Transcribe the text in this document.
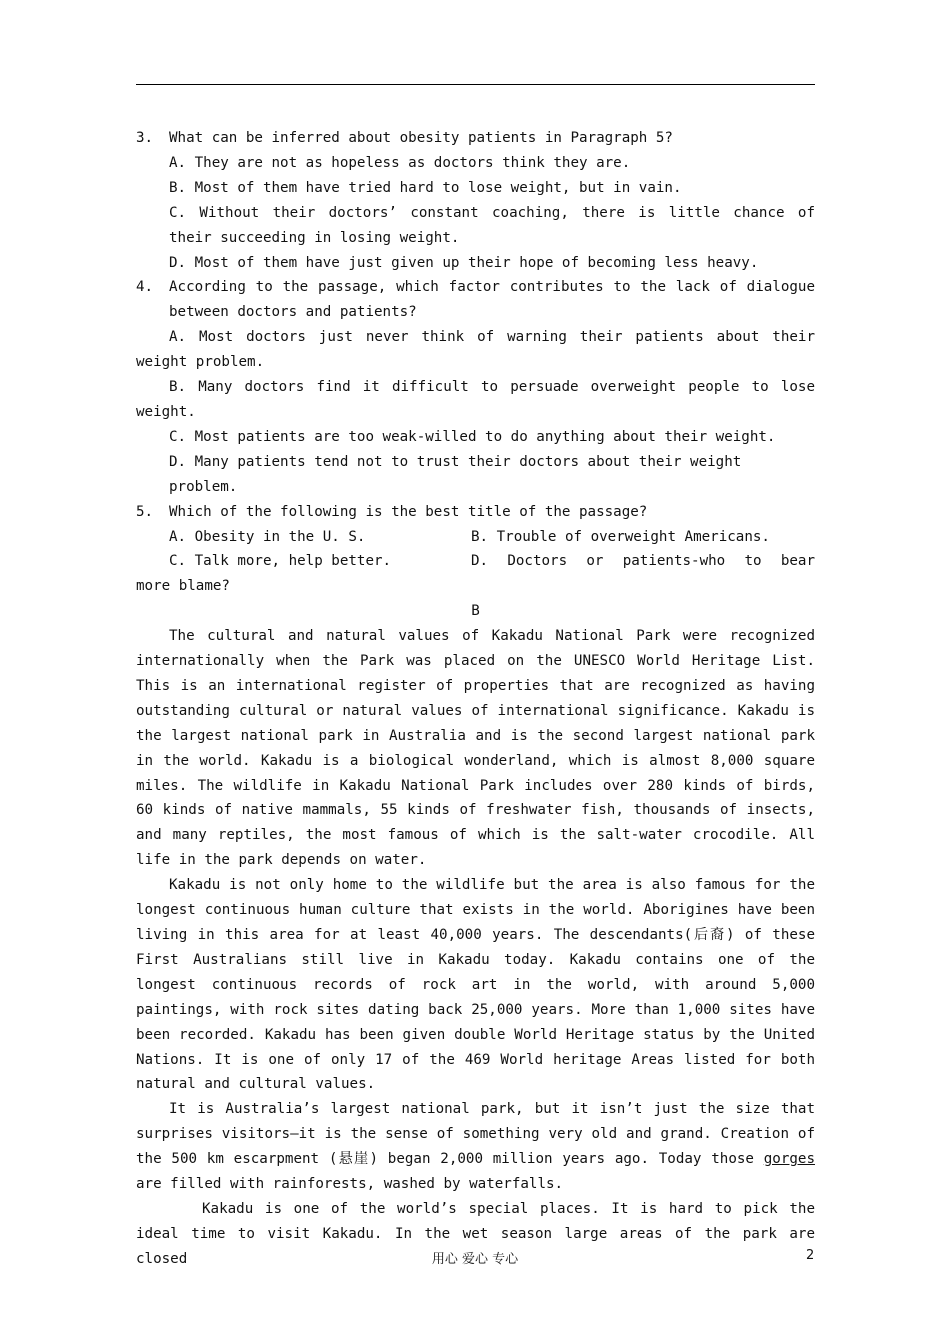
3. What can be inferred about obesity patients in Paragraph 5?
A. They are not as hopeless as doctors think they are.
B. Most of them have tried hard to lose weight, but in vain.
C. Without their doctors’ constant coaching, there is little chance of their succeeding in losing weight.
D. Most of them have just given up their hope of becoming less heavy.
4. According to the passage, which factor contributes to the lack of dialogue between doctors and patients?
A. Most doctors just never think of warning their patients about their weight problem.
B. Many doctors find it difficult to persuade overweight people to lose weight.
C. Most patients are too weak-willed to do anything about their weight.
D. Many patients tend not to trust their doctors about their weight problem.
5. Which of the following is the best title of the passage?
A. Obesity in the U. S.	B. Trouble of overweight Americans.
C. Talk more, help better.	D. Doctors or patients-who to bear
more blame?
B
The cultural and natural values of Kakadu National Park were recognized internationally when the Park was placed on the UNESCO World Heritage List. This is an international register of properties that are recognized as having outstanding cultural or natural values of international significance. Kakadu is the largest national park in Australia and is the second largest national park in the world. Kakadu is a biological wonderland, which is almost 8,000 square miles. The wildlife in Kakadu National Park includes over 280 kinds of birds, 60 kinds of native mammals, 55 kinds of freshwater fish, thousands of insects, and many reptiles, the most famous of which is the salt-water crocodile. All life in the park depends on water.
Kakadu is not only home to the wildlife but the area is also famous for the longest continuous human culture that exists in the world. Aborigines have been living in this area for at least 40,000 years. The descendants(后裔) of these First Australians still live in Kakadu today. Kakadu contains one of the longest continuous records of rock art in the world, with around 5,000 paintings, with rock sites dating back 25,000 years. More than 1,000 sites have been recorded. Kakadu has been given double World Heritage status by the United Nations. It is one of only 17 of the 469 World heritage Areas listed for both natural and cultural values.
It is Australia’s largest national park, but it isn’t just the size that surprises visitors—it is the sense of something very old and grand. Creation of the 500 km escarpment (悬崖) began 2,000 million years ago. Today those gorges are filled with rainforests, washed by waterfalls.
Kakadu is one of the world’s special places. It is hard to pick the ideal time to visit Kakadu. In the wet season large areas of the park are closed	用心 爱心 专心	2
